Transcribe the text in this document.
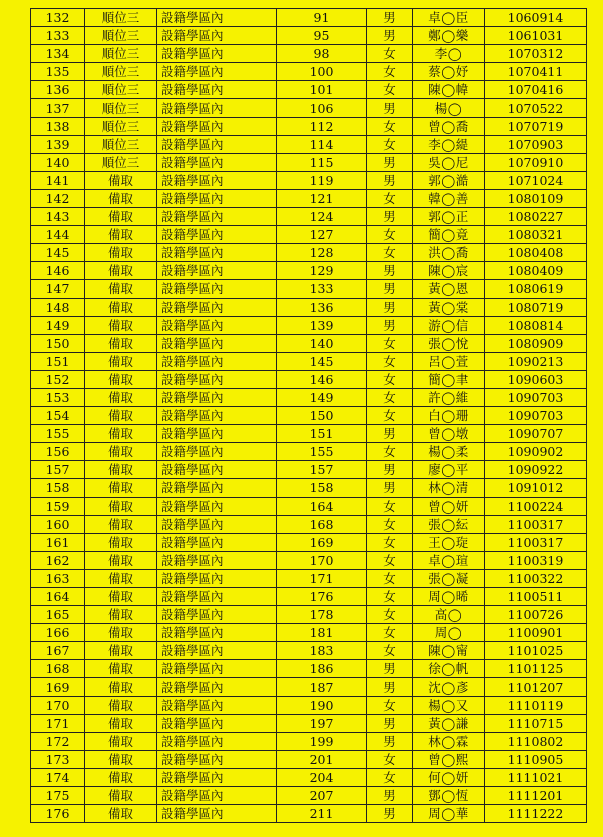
132	順位三	設籍學區內	91	男	卓◯臣	1060914
133	順位三	設籍學區內	95	男	鄭◯樂	1061031
134	順位三	設籍學區內	98	女	李◯	1070312
135	順位三	設籍學區內	100	女	蔡◯妤	1070411
136	順位三	設籍學區內	101	女	陳◯幃	1070416
137	順位三	設籍學區內	106	男	楊◯	1070522
138	順位三	設籍學區內	112	女	曾◯喬	1070719
139	順位三	設籍學區內	114	女	李◯緹	1070903
140	順位三	設籍學區內	115	男	吳◯尼	1070910
141	備取	設籍學區內	119	男	郭◯澔	1071024
142	備取	設籍學區內	121	女	韓◯善	1080109
143	備取	設籍學區內	124	男	郭◯正	1080227
144	備取	設籍學區內	127	女	簡◯竟	1080321
145	備取	設籍學區內	128	女	洪◯喬	1080408
146	備取	設籍學區內	129	男	陳◯宸	1080409
147	備取	設籍學區內	133	男	黃◯恩	1080619
148	備取	設籍學區內	136	男	黃◯棠	1080719
149	備取	設籍學區內	139	男	游◯信	1080814
150	備取	設籍學區內	140	女	張◯悅	1080909
151	備取	設籍學區內	145	女	呂◯萱	1090213
152	備取	設籍學區內	146	女	簡◯聿	1090603
153	備取	設籍學區內	149	女	許◯維	1090703
154	備取	設籍學區內	150	女	白◯珊	1090703
155	備取	設籍學區內	151	男	曾◯墩	1090707
156	備取	設籍學區內	155	女	楊◯柔	1090902
157	備取	設籍學區內	157	男	廖◯平	1090922
158	備取	設籍學區內	158	男	林◯清	1091012
159	備取	設籍學區內	164	女	曾◯妍	1100224
160	備取	設籍學區內	168	女	張◯紜	1100317
161	備取	設籍學區內	169	女	王◯琁	1100317
162	備取	設籍學區內	170	女	卓◯瑄	1100319
163	備取	設籍學區內	171	女	張◯凝	1100322
164	備取	設籍學區內	176	女	周◯晞	1100511
165	備取	設籍學區內	178	女	高◯	1100726
166	備取	設籍學區內	181	女	周◯	1100901
167	備取	設籍學區內	183	女	陳◯甯	1101025
168	備取	設籍學區內	186	男	徐◯帆	1101125
169	備取	設籍學區內	187	男	沈◯彥	1101207
170	備取	設籍學區內	190	女	楊◯又	1110119
171	備取	設籍學區內	197	男	黃◯謙	1110715
172	備取	設籍學區內	199	男	林◯霖	1110802
173	備取	設籍學區內	201	女	曾◯熙	1110905
174	備取	設籍學區內	204	女	何◯妍	1111021
175	備取	設籍學區內	207	男	鄧◯恆	1111201
176	備取	設籍學區內	211	男	周◯華	1111222
